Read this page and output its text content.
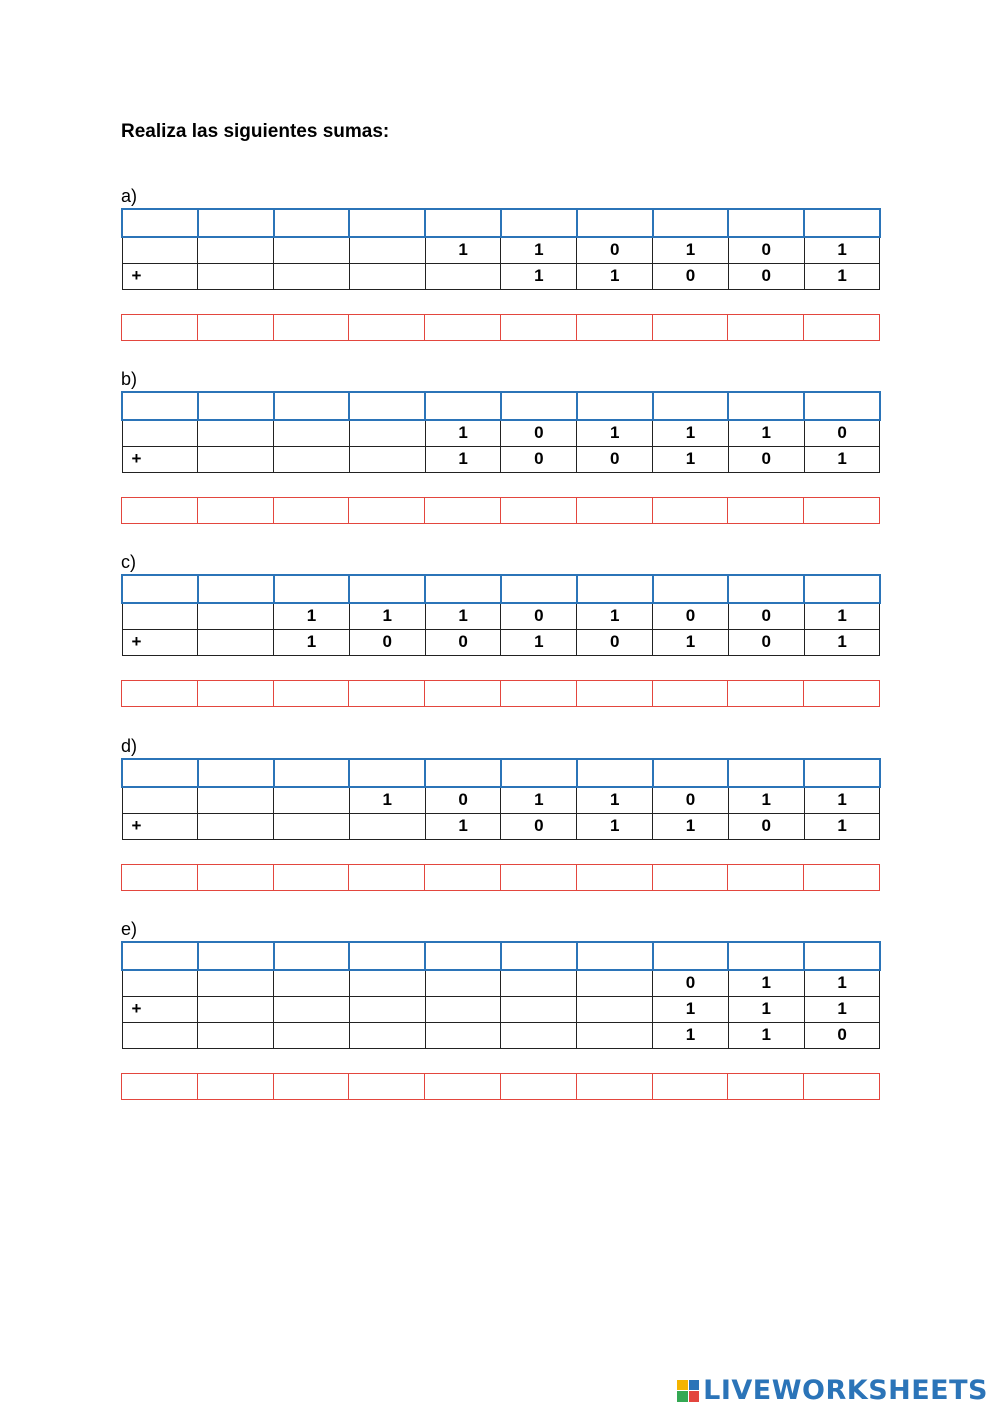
Realiza las siguientes sumas:
a)

				1	1	0	1	0	1
+					1	1	0	0	1

b)

				1	0	1	1	1	0
+				1	0	0	1	0	1

c)

		1	1	1	0	1	0	0	1
+		1	0	0	1	0	1	0	1

d)

			1	0	1	1	0	1	1
+				1	0	1	1	0	1

e)

							0	1	1
+							1	1	1
							1	1	0

LIVEWORKSHEETS
